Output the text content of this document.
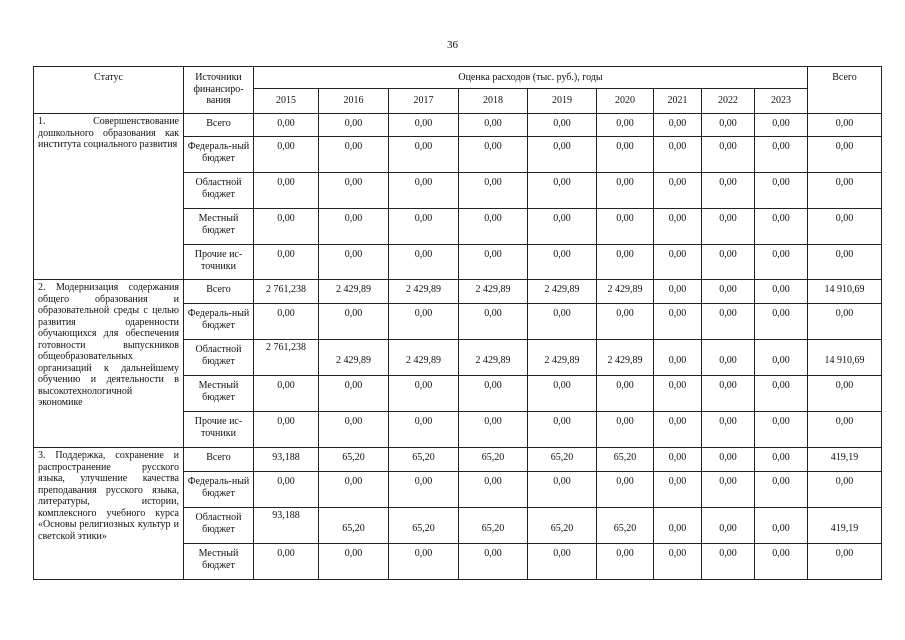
36
Статус	Источники финансиро-вания	Оценка расходов (тыс. руб.), годы									Всего
		2015	2016	2017	2018	2019	2020	2021	2022	2023	
1. Совершенствование дошкольного образования как института социального развития	Всего	0,00	0,00	0,00	0,00	0,00	0,00	0,00	0,00	0,00	0,00
	Федераль-ный бюджет	0,00	0,00	0,00	0,00	0,00	0,00	0,00	0,00	0,00	0,00
	Областной бюджет	0,00	0,00	0,00	0,00	0,00	0,00	0,00	0,00	0,00	0,00
	Местный бюджет	0,00	0,00	0,00	0,00	0,00	0,00	0,00	0,00	0,00	0,00
	Прочие ис-точники	0,00	0,00	0,00	0,00	0,00	0,00	0,00	0,00	0,00	0,00
2. Модернизация содержания общего образования и образовательной среды с целью развития одаренности обучающихся для обеспечения готовности выпускников общеобразовательных организаций к дальнейшему обучению и деятельности в высокотехнологичной экономике	Всего	2 761,238	2 429,89	2 429,89	2 429,89	2 429,89	2 429,89	0,00	0,00	0,00	14 910,69
	Федераль-ный бюджет	0,00	0,00	0,00	0,00	0,00	0,00	0,00	0,00	0,00	0,00
	Областной бюджет	2 761,238	2 429,89	2 429,89	2 429,89	2 429,89	2 429,89	0,00	0,00	0,00	14 910,69
	Местный бюджет	0,00	0,00	0,00	0,00	0,00	0,00	0,00	0,00	0,00	0,00
	Прочие ис-точники	0,00	0,00	0,00	0,00	0,00	0,00	0,00	0,00	0,00	0,00
3. Поддержка, сохранение и распространение русского языка, улучшение качества преподавания русского языка, литературы, истории, комплексного учебного курса «Основы религиозных культур и светской этики»	Всего	93,188	65,20	65,20	65,20	65,20	65,20	0,00	0,00	0,00	419,19
	Федераль-ный бюджет	0,00	0,00	0,00	0,00	0,00	0,00	0,00	0,00	0,00	0,00
	Областной бюджет	93,188	65,20	65,20	65,20	65,20	65,20	0,00	0,00	0,00	419,19
	Местный бюджет	0,00	0,00	0,00	0,00	0,00	0,00	0,00	0,00	0,00	0,00
